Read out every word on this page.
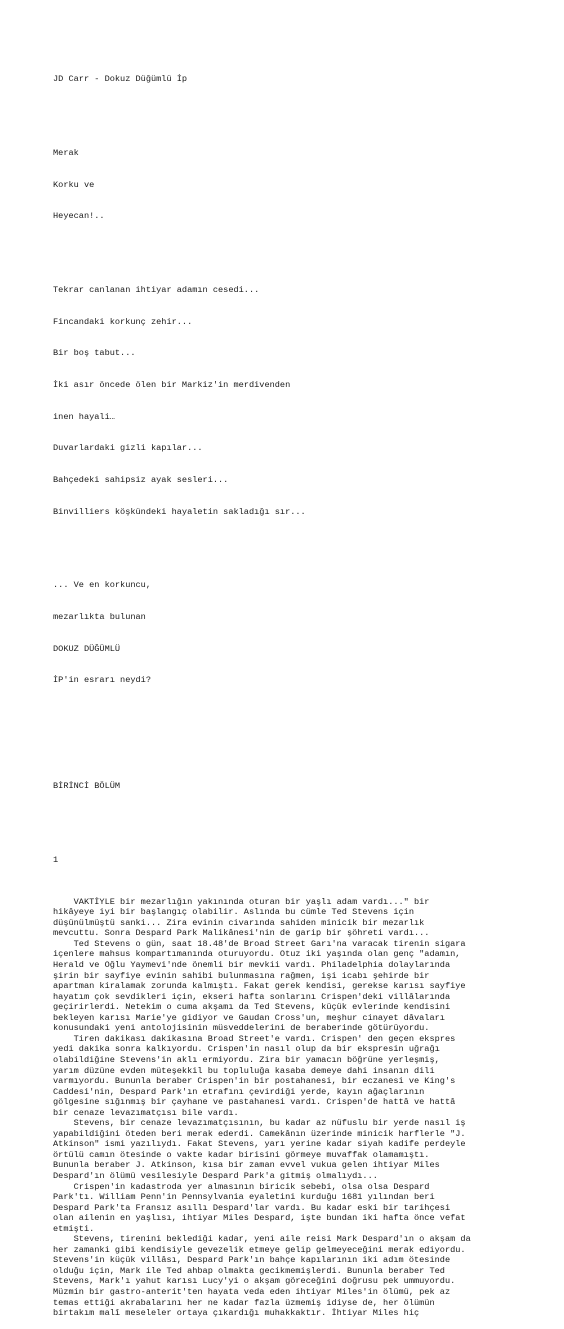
JD Carr - Dokuz Düğümlü İp

Merak

Korku ve

Heyecan!..

Tekrar canlanan ihtiyar adamın cesedi...

Fincandaki korkunç zehir...

Bir boş tabut...

İki asır öncede ölen bir Markiz'in merdivenden

inen hayali…

Duvarlardaki gizli kapılar...

Bahçedeki sahipsiz ayak sesleri...

Binvilliers köşkündeki hayaletin sakladığı sır...

... Ve en korkuncu,

mezarlıkta bulunan

DOKUZ DÜĞÜMLÜ

İP'in esrarı neydi?

BİRİNCİ BÖLÜM

1

VAKTİYLE bir mezarlığın yakınında oturan bir yaşlı adam vardı..." bir
hikâyeye iyi bir başlangıç olabilir. Aslında bu cümle Ted Stevens için
düşünülmüştü sanki... Zira evinin civarında sahiden minicik bir mezarlık
mevcuttu. Sonra Despard Park Malikânesi'nin de garip bir şöhreti vardı...
Ted Stevens o gün, saat 18.48'de Broad Street Garı'na varacak tirenin sigara
içenlere mahsus kompartımanında oturuyordu. Otuz iki yaşında olan genç "adamın,
Herald ve Oğlu Yaymevi'nde önemli bir mevkii vardı. Philadelphia dolaylarında
şirin bir sayfiye evinin sahibi bulunmasına rağmen, işi icabı şehirde bir
apartman kiralamak zorunda kalmıştı. Fakat gerek kendisi, gerekse karısı sayfiye
hayatım çok sevdikleri için, ekseri hafta sonlarını Crispen'deki villâlarında
geçirirlerdi. Netekim o cuma akşamı da Ted Stevens, küçük evlerinde kendisini
bekleyen karısı Marie'ye gidiyor ve Gaudan Cross'un, meşhur cinayet dâvaları
konusundaki yeni antolojisinin müsveddelerini de beraberinde götürüyordu.
Tiren dakikası dakikasına Broad Street'e vardı. Crispen' den geçen ekspres
yedi dakika sonra kalkıyordu. Crispen'in nasıl olup da bir ekspresin uğrağı
olabildiğine Stevens'in aklı ermiyordu. Zira bir yamacın böğrüne yerleşmiş,
yarım düzüne evden müteşekkil bu topluluğa kasaba demeye dahi insanın dili
varmıyordu. Bununla beraber Crispen'in bir postahanesi, bir eczanesi ve King's
Caddesi'nin, Despard Park'ın etrafını çevirdiği yerde, kayın ağaçlarının
gölgesine sığınmış bir çayhane ve pastahanesi vardı. Crispen'de hattâ ve hattâ
bir cenaze levazımatçısı bile vardı.
Stevens, bir cenaze levazımatçısının, bu kadar az nüfuslu bir yerde nasıl iş
yapabildiğini öteden beri merak ederdi. Camekânın üzerinde minicik harflerle "J.
Atkinson" ismi yazılıydı. Fakat Stevens, yarı yerine kadar siyah kadife perdeyle
örtülü camın ötesinde o vakte kadar birisini görmeye muvaffak olamamıştı.
Bununla beraber J. Atkinson, kısa bir zaman evvel vukua gelen ihtiyar Miles
Despard'ın ölümü vesilesiyle Despard Park'a gitmiş olmalıydı...
Crispen'in kadastroda yer almasının biricik sebebi, olsa olsa Despard
Park'tı. William Penn'in Pennsylvania eyaletini kurduğu 1681 yılından beri
Despard Park'ta Fransız asıllı Despard'lar vardı. Bu kadar eski bir tarihçesi
olan ailenin en yaşlısı, ihtiyar Miles Despard, işte bundan iki hafta önce vefat
etmişti.
Stevens, tirenini beklediği kadar, yeni aile reisi Mark Despard'ın o akşam da
her zamanki gibi kendisiyle gevezelik etmeye gelip gelmeyeceğini merak ediyordu.
Stevens'in küçük villâsı, Despard Park'ın bahçe kapılarının iki adım ötesinde
olduğu için, Mark ile Ted ahbap olmakta gecikmemişlerdi. Bununla beraber Ted
Stevens, Mark'ı yahut karısı Lucy'yi o akşam göreceğini doğrusu pek ummuyordu.
Müzmin bir gastro-anterit'ten hayata veda eden ihtiyar Miles'in ölümü, pek az
temas ettiği akrabalarını her ne kadar fazla üzmemiş idiyse de, her ölümün
birtakım malî meseleler ortaya çıkardığı muhakkaktır. İhtiyar Miles hiç
